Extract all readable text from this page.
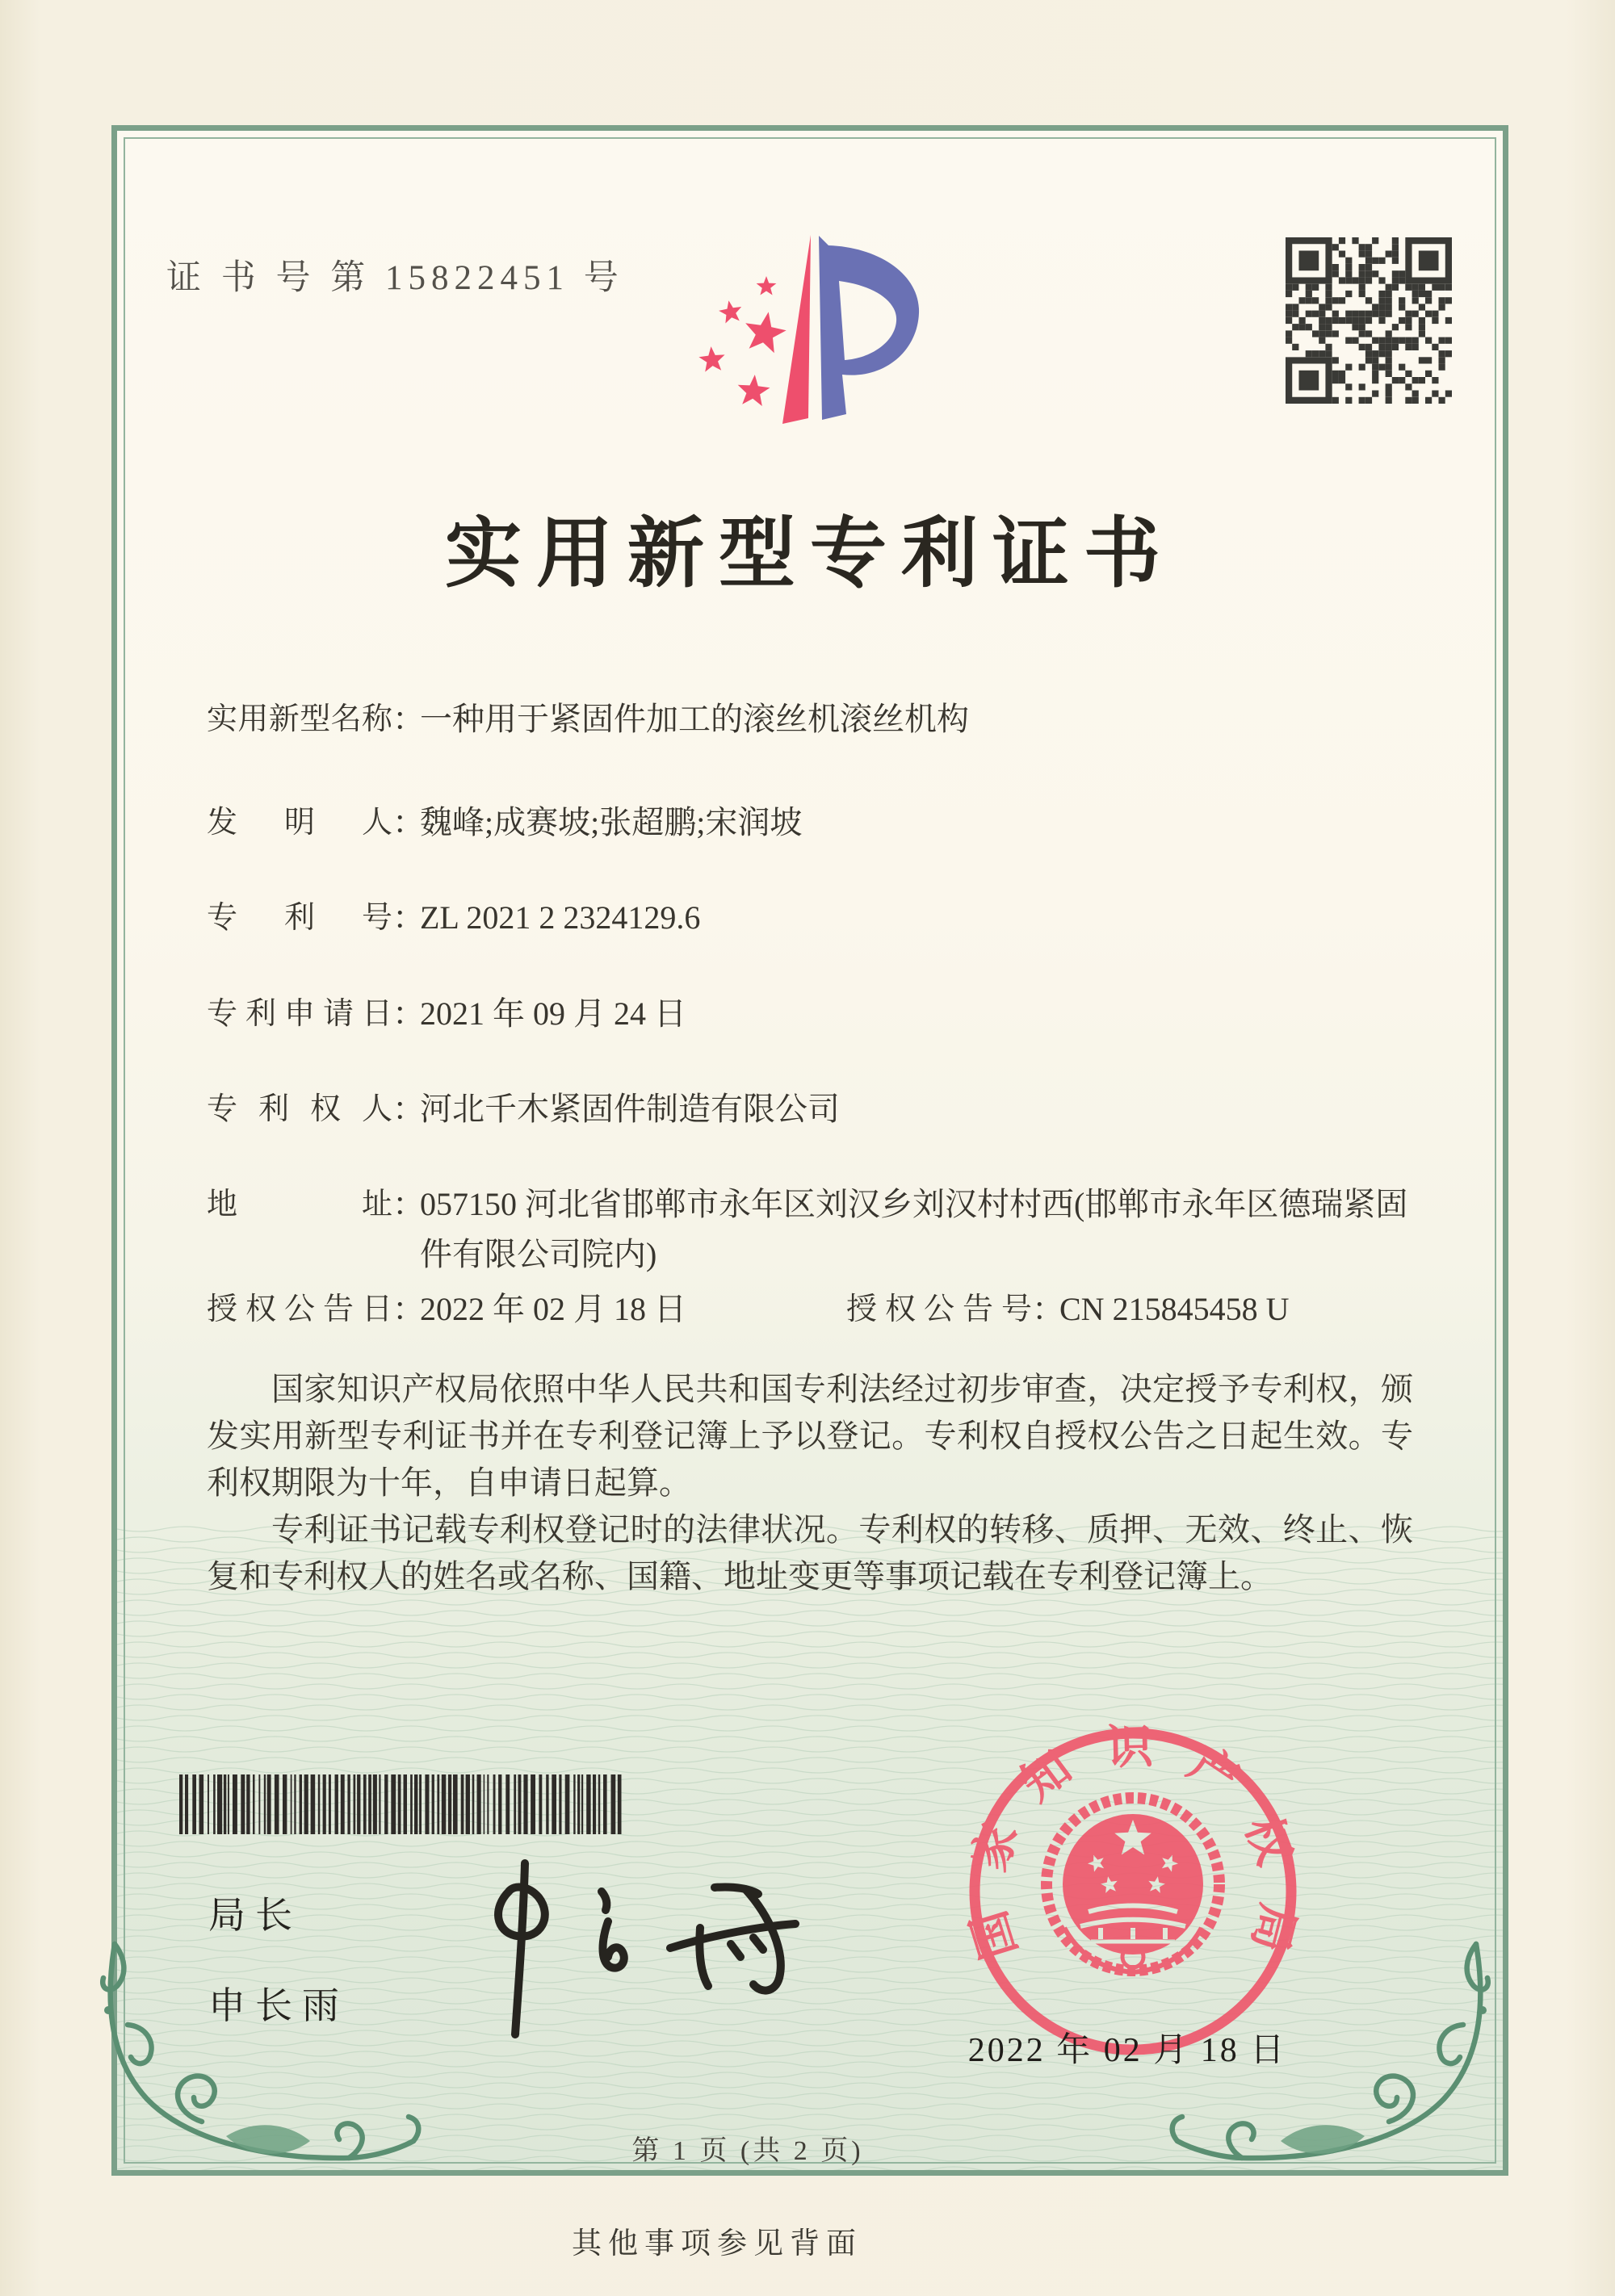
证 书 号 第 15822451 号
实用新型专利证书
实用新型名称 ：
一种用于紧固件加工的滚丝机滚丝机构
发明人 ：
魏峰;成赛坡;张超鹏;宋润坡
专利号 ：
ZL 2021 2 2324129.6
专利申请日 ：
2021 年 09 月 24 日
专利权人 ：
河北千木紧固件制造有限公司
地址 ：
057150 河北省邯郸市永年区刘汉乡刘汉村村西(邯郸市永年区德瑞紧固件有限公司院内)
授权公告日 ：
2022 年 02 月 18 日	授权公告号 ：
CN 215845458 U

国家知识产权局依照中华人民共和国专利法经过初步审查，决定授予专利权，颁发实用新型专利证书并在专利登记簿上予以登记。专利权自授权公告之日起生效。专利权期限为十年，自申请日起算。

专利证书记载专利权登记时的法律状况。专利权的转移、质押、无效、终止、恢复和专利权人的姓名或名称、国籍、地址变更等事项记载在专利登记簿上。

局长
申长雨
国家知识产权局
2022 年 02 月 18 日
第 1 页 (共 2 页)
其他事项参见背面
